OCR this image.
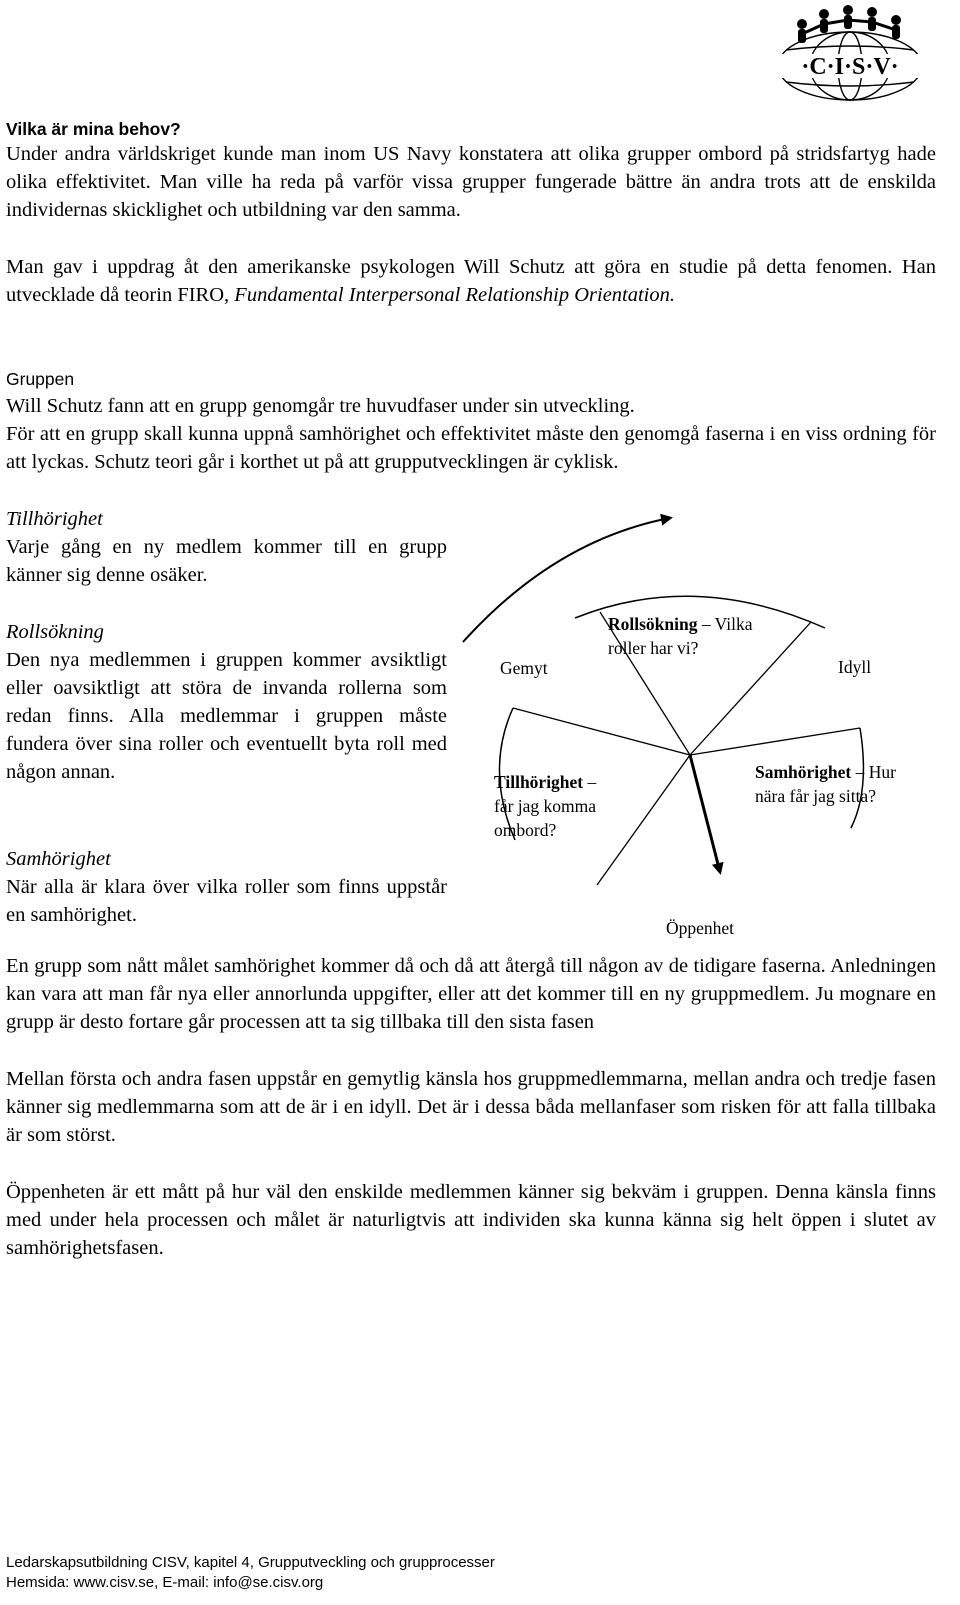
·C·I·S·V·
Vilka är mina behov?

Under andra världskriget kunde man inom US Navy konstatera att olika grupper ombord på stridsfartyg hade olika effektivitet. Man ville ha reda på varför vissa grupper fungerade bättre än andra trots att de enskilda individernas skicklighet och utbildning var den samma.

Man gav i uppdrag åt den amerikanske psykologen Will Schutz att göra en studie på detta fenomen. Han utvecklade då teorin FIRO, Fundamental Interpersonal Relationship Orientation.

Gruppen

Will Schutz fann att en grupp genomgår tre huvudfaser under sin utveckling.

För att en grupp skall kunna uppnå samhörighet och effektivitet måste den genomgå faserna i en viss ordning för att lyckas. Schutz teori går i korthet ut på att grupputvecklingen är cyklisk.

Tillhörighet

Varje gång en ny medlem kommer till en grupp känner sig denne osäker.

Rollsökning

Den nya medlemmen i gruppen kommer avsiktligt eller oavsiktligt att störa de invanda rollerna som redan finns. Alla medlemmar i gruppen måste fundera över sina roller och eventuellt byta roll med någon annan.

Samhörighet

När alla är klara över vilka roller som finns uppstår en samhörighet.

Gemyt	Idyll
Öppenhet
Rollsökning – Vilka
roller har vi?
Tillhörighet –
får jag komma
ombord?
Samhörighet – Hur
nära får jag sitta?

En grupp som nått målet samhörighet kommer då och då att återgå till någon av de tidigare faserna. Anledningen kan vara att man får nya eller annorlunda uppgifter, eller att det kommer till en ny gruppmedlem. Ju mognare en grupp är desto fortare går processen att ta sig tillbaka till den sista fasen

Mellan första och andra fasen uppstår en gemytlig känsla hos gruppmedlemmarna, mellan andra och tredje fasen känner sig medlemmarna som att de är i en idyll. Det är i dessa båda mellanfaser som risken för att falla tillbaka är som störst.

Öppenheten är ett mått på hur väl den enskilde medlemmen känner sig bekväm i gruppen. Denna känsla finns med under hela processen och målet är naturligtvis att individen ska kunna känna sig helt öppen i slutet av samhörighetsfasen.

Ledarskapsutbildning CISV, kapitel 4, Grupputveckling och grupprocesser
Hemsida: www.cisv.se, E-mail: info@se.cisv.org
